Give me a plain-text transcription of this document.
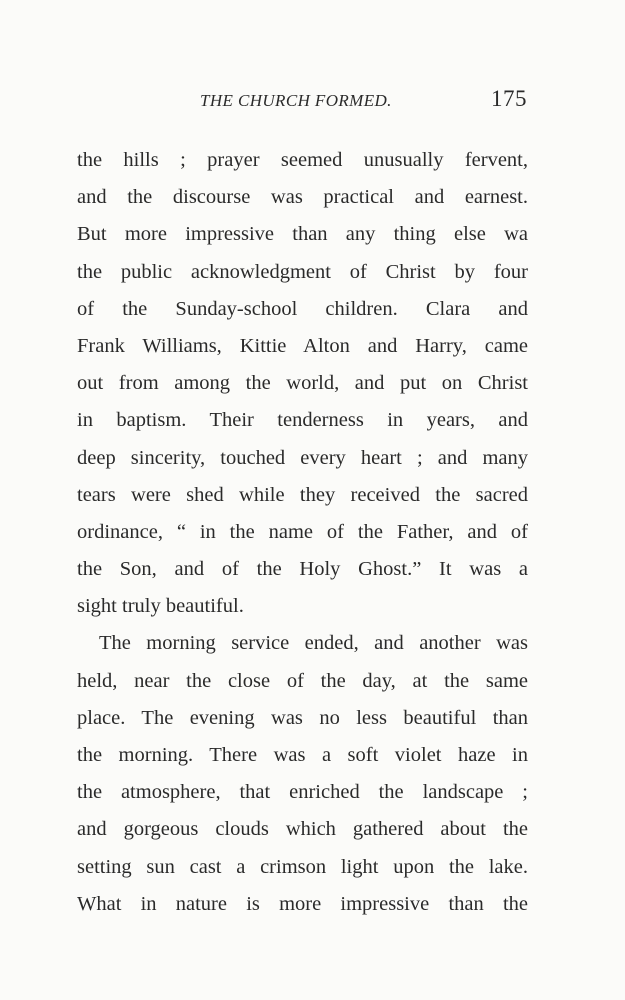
THE CHURCH FORMED.	175

the hills ; prayer seemed unusually fervent,
and the discourse was practical and earnest.
But more impressive than any thing else wa
the public acknowledgment of Christ by four
of the Sunday-school children. Clara and
Frank Williams, Kittie Alton and Harry, came
out from among the world, and put on Christ
in baptism. Their tenderness in years, and
deep sincerity, touched every heart ; and many
tears were shed while they received the sacred
ordinance, “ in the name of the Father, and of
the Son, and of the Holy Ghost.” It was a
sight truly beautiful.

The morning service ended, and another was
held, near the close of the day, at the same
place. The evening was no less beautiful than
the morning. There was a soft violet haze in
the atmosphere, that enriched the landscape ;
and gorgeous clouds which gathered about the
setting sun cast a crimson light upon the lake.
What in nature is more impressive than the
